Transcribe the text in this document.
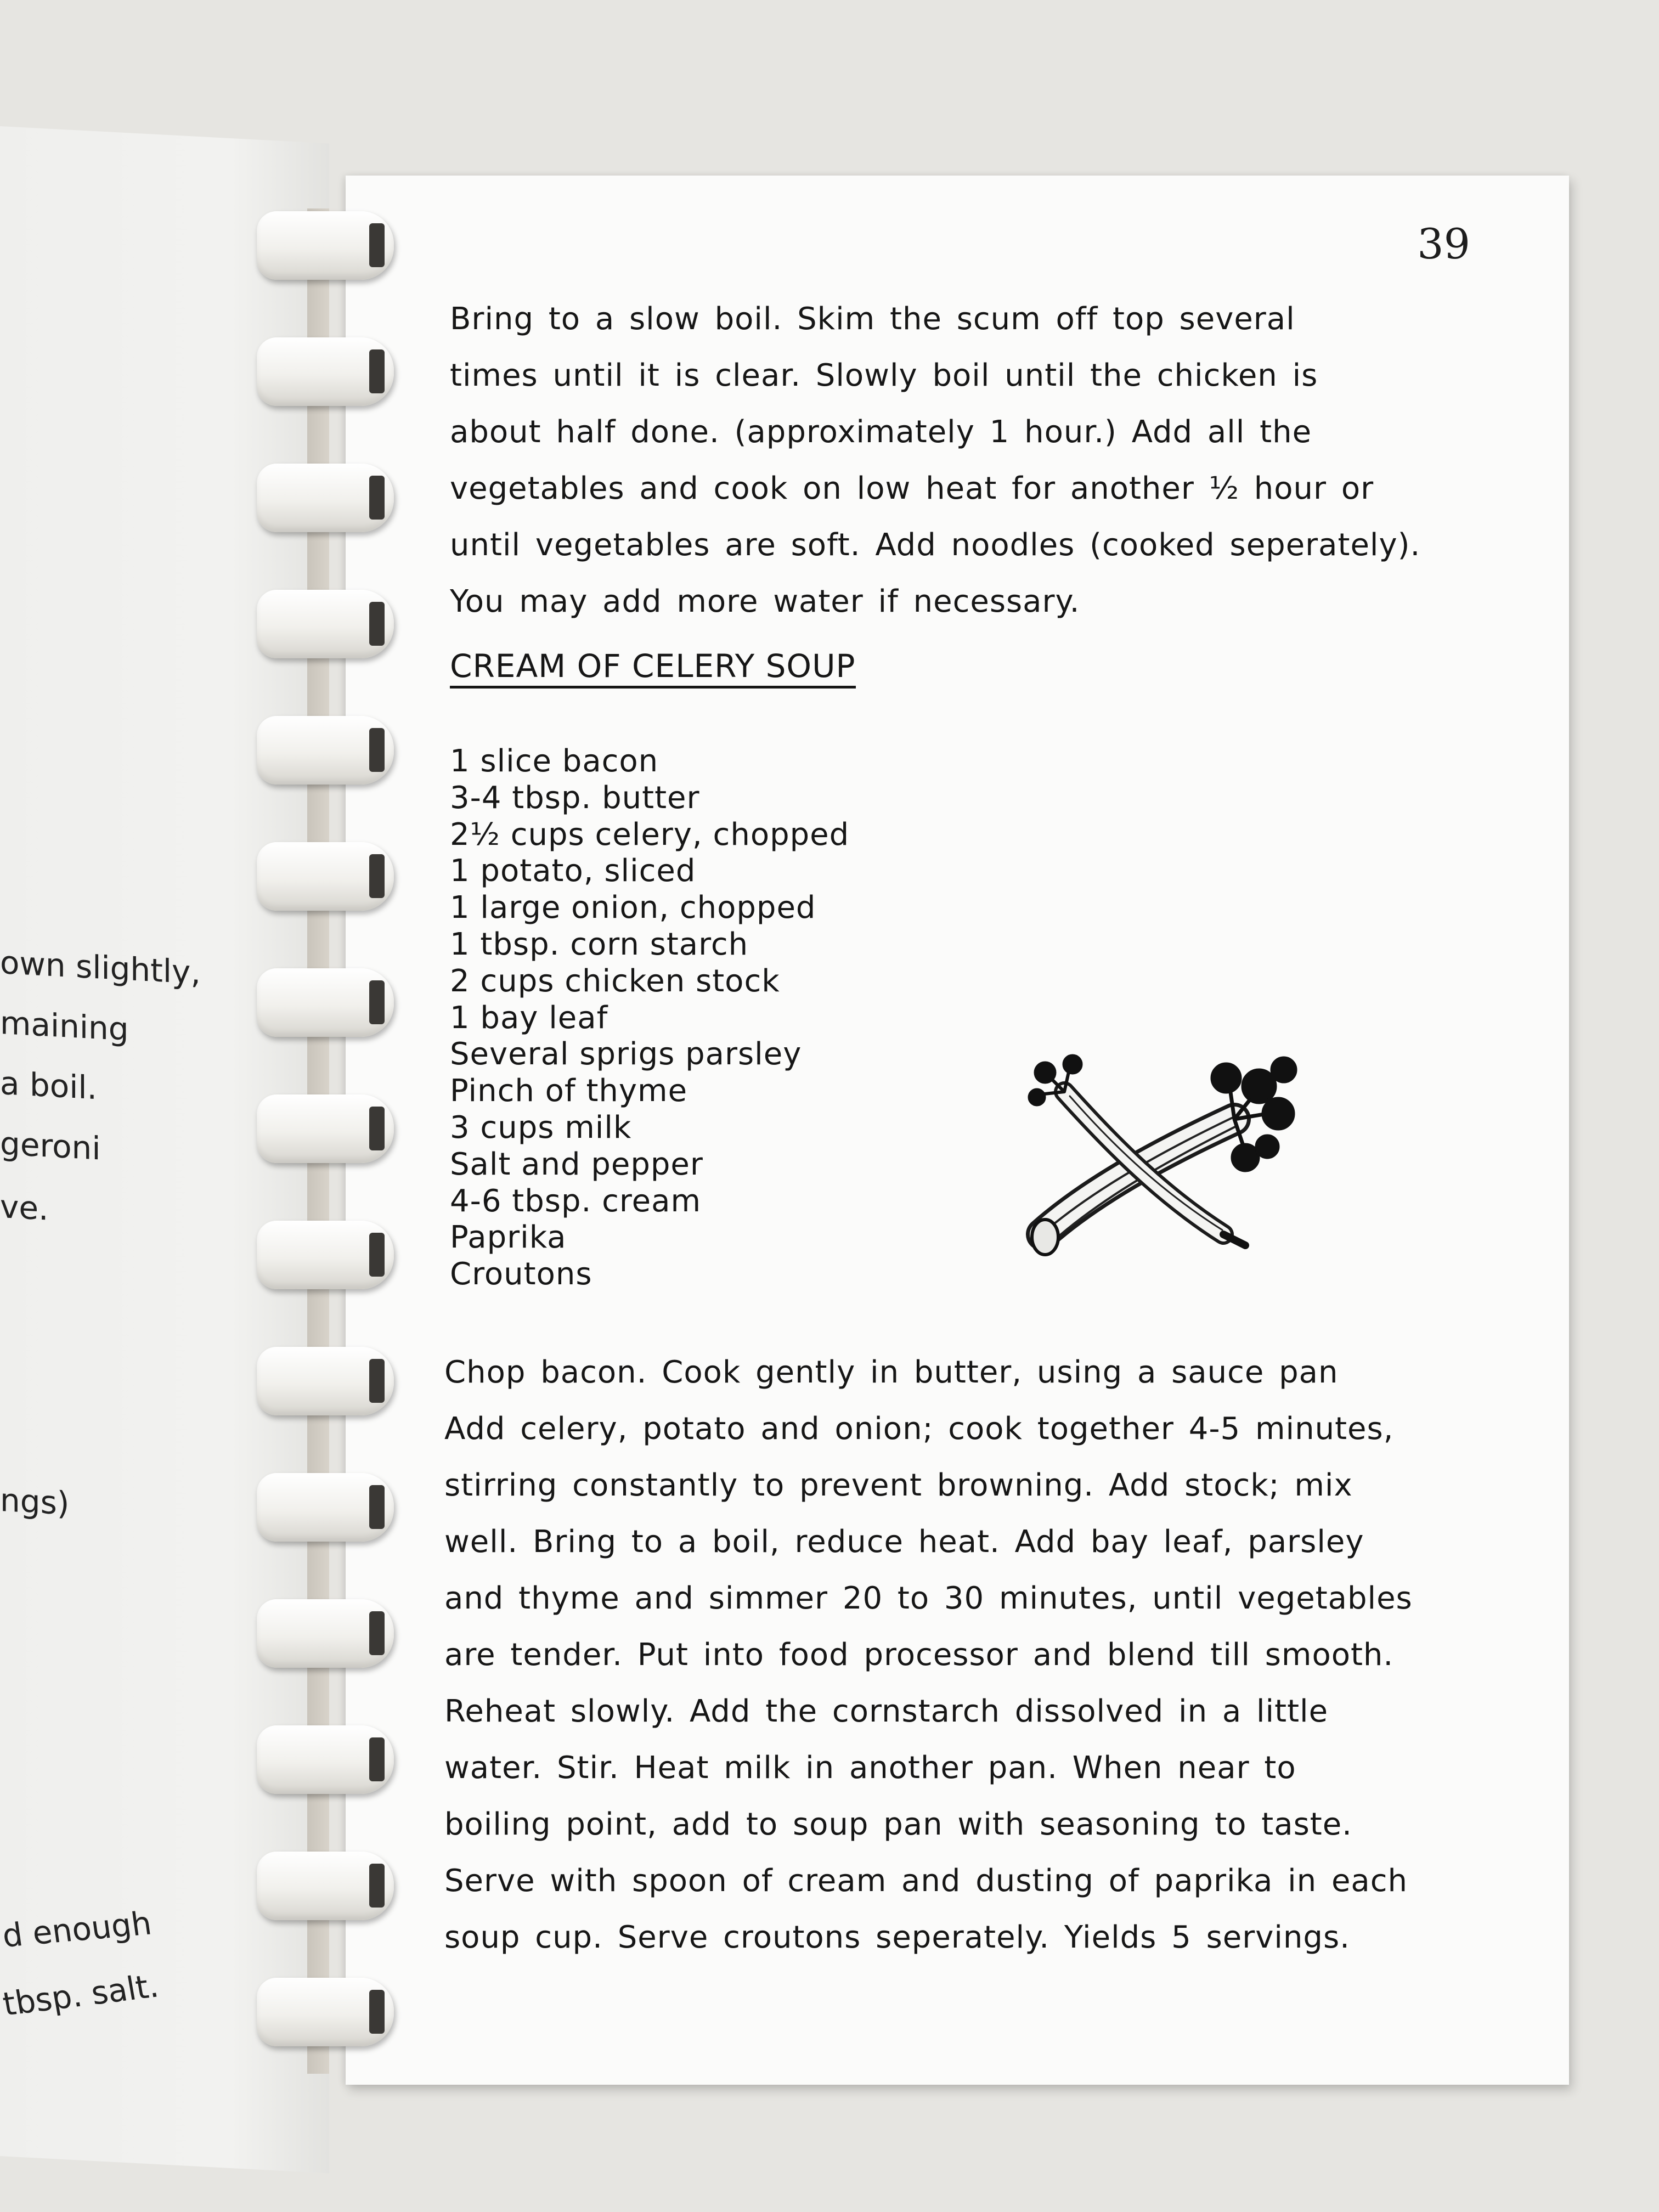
own slightly,
maining
a boil.
geroni
ve.
ngs)
d enough
tbsp. salt.
39

Bring to a slow boil. Skim the scum off top several

times until it is clear. Slowly boil until the chicken is

about half done. (approximately 1 hour.) Add all the

vegetables and cook on low heat for another ½ hour or

until vegetables are soft. Add noodles (cooked seperately).

You may add more water if necessary.

CREAM OF CELERY SOUP
1 slice bacon
3-4 tbsp. butter
2½ cups celery, chopped
1 potato, sliced
1 large onion, chopped
1 tbsp. corn starch
2 cups chicken stock
1 bay leaf
Several sprigs parsley
Pinch of thyme
3 cups milk
Salt and pepper
4-6 tbsp. cream
Paprika
Croutons

Chop bacon. Cook gently in butter, using a sauce pan

Add celery, potato and onion; cook together 4-5 minutes,

stirring constantly to prevent browning. Add stock; mix

well. Bring to a boil, reduce heat. Add bay leaf, parsley

and thyme and simmer 20 to 30 minutes, until vegetables

are tender. Put into food processor and blend till smooth.

Reheat slowly. Add the cornstarch dissolved in a little

water. Stir. Heat milk in another pan. When near to

boiling point, add to soup pan with seasoning to taste.

Serve with spoon of cream and dusting of paprika in each

soup cup. Serve croutons seperately. Yields 5 servings.
